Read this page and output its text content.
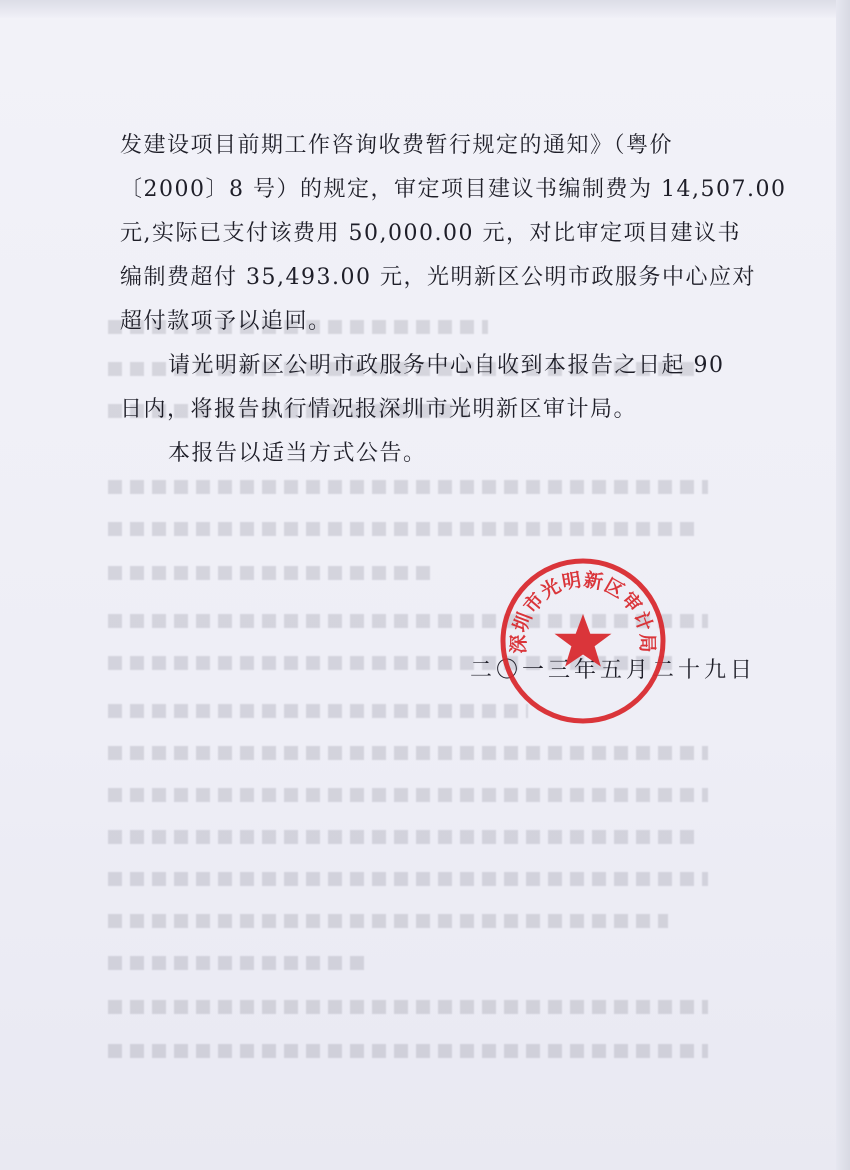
发建设项目前期工作咨询收费暂行规定的通知》（粤价
〔2000〕8 号）的规定，审定项目建议书编制费为 14,507.00
元,实际已支付该费用 50,000.00 元，对比审定项目建议书
编制费超付 35,493.00 元，光明新区公明市政服务中心应对
超付款项予以追回。
请光明新区公明市政服务中心自收到本报告之日起 90
日内，将报告执行情况报深圳市光明新区审计局。
本报告以适当方式公告。
二〇一三年五月二十九日
深圳市光明新区审计局
